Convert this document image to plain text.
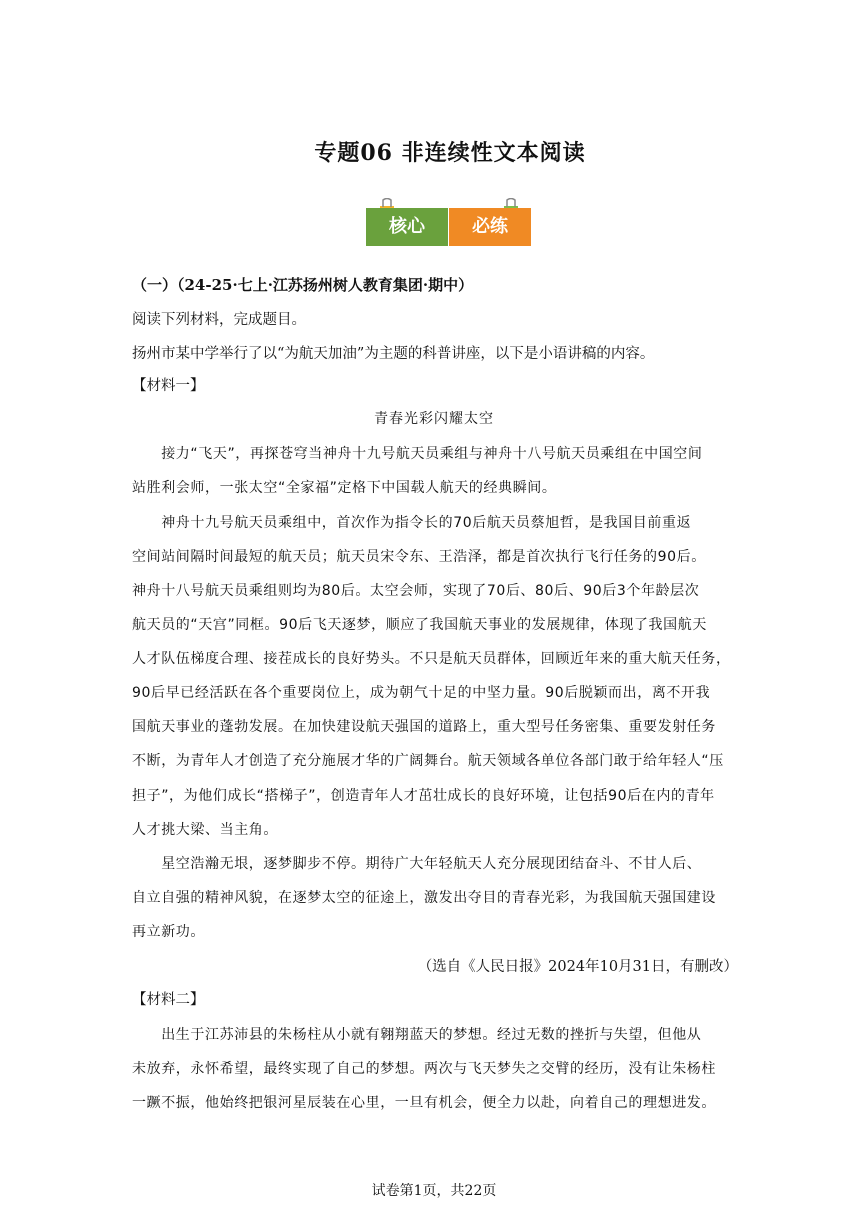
专题06 非连续性文本阅读
核心	必练
（一）（24-25·七上·江苏扬州树人教育集团·期中）
阅读下列材料，完成题目。
扬州市某中学举行了以“为航天加油”为主题的科普讲座，以下是小语讲稿的内容。
【材料一】
青春光彩闪耀太空
　　接力“飞天”，再探苍穹当神舟十九号航天员乘组与神舟十八号航天员乘组在中国空间
站胜利会师，一张太空“全家福”定格下中国载人航天的经典瞬间。
　　神舟十九号航天员乘组中，首次作为指令长的70后航天员蔡旭哲，是我国目前重返
空间站间隔时间最短的航天员；航天员宋令东、王浩泽，都是首次执行飞行任务的90后。
神舟十八号航天员乘组则均为80后。太空会师，实现了70后、80后、90后3个年龄层次
航天员的“天宫”同框。90后飞天逐梦，顺应了我国航天事业的发展规律，体现了我国航天
人才队伍梯度合理、接茬成长的良好势头。不只是航天员群体，回顾近年来的重大航天任务，
90后早已经活跃在各个重要岗位上，成为朝气十足的中坚力量。90后脱颖而出，离不开我
国航天事业的蓬勃发展。在加快建设航天强国的道路上，重大型号任务密集、重要发射任务
不断，为青年人才创造了充分施展才华的广阔舞台。航天领域各单位各部门敢于给年轻人“压
担子”，为他们成长“搭梯子”，创造青年人才茁壮成长的良好环境，让包括90后在内的青年
人才挑大梁、当主角。
　　星空浩瀚无垠，逐梦脚步不停。期待广大年轻航天人充分展现团结奋斗、不甘人后、
自立自强的精神风貌，在逐梦太空的征途上，激发出夺目的青春光彩，为我国航天强国建设
再立新功。
（选自《人民日报》2024年10月31日，有删改）
【材料二】
　　出生于江苏沛县的朱杨柱从小就有翱翔蓝天的梦想。经过无数的挫折与失望，但他从
未放弃，永怀希望，最终实现了自己的梦想。两次与飞天梦失之交臂的经历，没有让朱杨柱
一蹶不振，他始终把银河星辰装在心里，一旦有机会，便全力以赴，向着自己的理想进发。
试卷第1页，共22页
